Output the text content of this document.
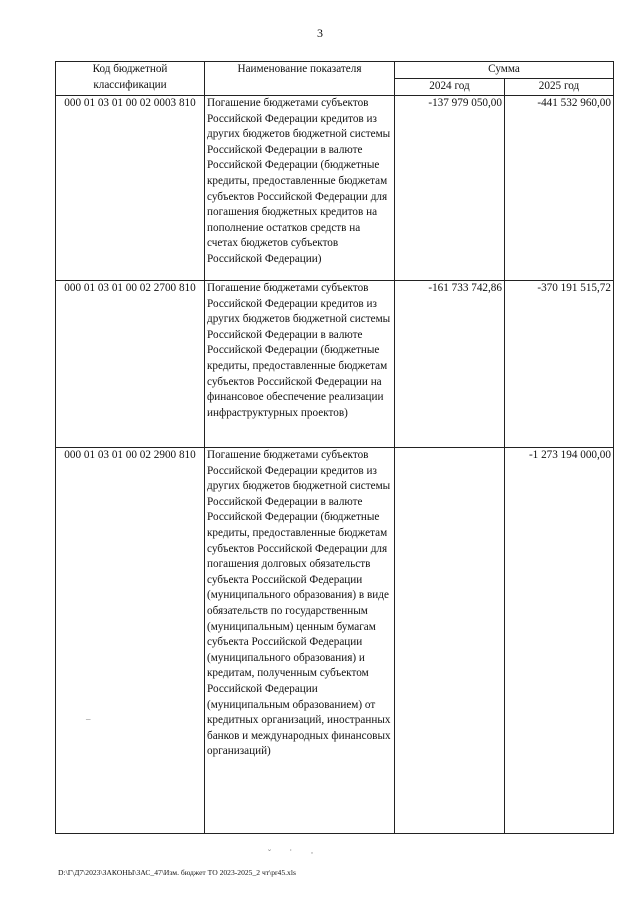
3
Код бюджетной классификации	Наименование показателя	Сумма	
		2024 год	2025 год
000 01 03 01 00 02 0003 810	Погашение бюджетами субъектов Российской Федерации кредитов из других бюджетов бюджетной системы Российской Федерации в валюте Российской Федерации (бюджетные кредиты, предоставленные бюджетам субъектов Российской Федерации для погашения бюджетных кредитов на пополнение остатков средств на счетах бюджетов субъектов Российской Федерации)	-137 979 050,00	-441 532 960,00
000 01 03 01 00 02 2700 810	Погашение бюджетами субъектов Российской Федерации кредитов из других бюджетов бюджетной системы Российской Федерации в валюте Российской Федерации (бюджетные кредиты, предоставленные бюджетам субъектов Российской Федерации на финансовое обеспечение реализации инфраструктурных проектов)	-161 733 742,86	-370 191 515,72
000 01 03 01 00 02 2900 810	Погашение бюджетами субъектов Российской Федерации кредитов из других бюджетов бюджетной системы Российской Федерации в валюте Российской Федерации (бюджетные кредиты, предоставленные бюджетам субъектов Российской Федерации для погашения долговых обязательств субъекта Российской Федерации (муниципального образования) в виде обязательств по государственным (муниципальным) ценным бумагам субъекта Российской Федерации (муниципального образования) и кредитам, полученным субъектом Российской Федерации (муниципальным образованием) от кредитных организаций, иностранных банков и международных финансовых организаций)		-1 273 194 000,00
–
˘ ˙ ·
D:\Г\Д7\2023\ЗАКОНЫ\ЗАС_47\Изм. бюджет ТО 2023-2025_2 чт\pr45.xls
